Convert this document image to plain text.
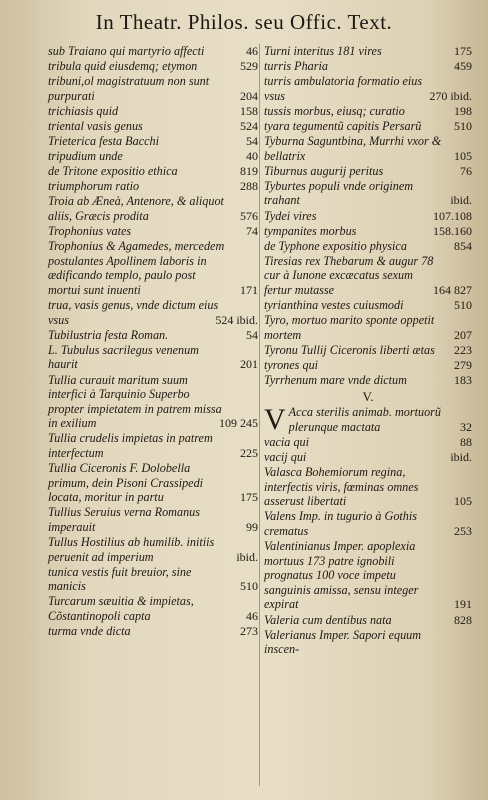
In Theatr. Philos. seu Offic. Text.
sub Traiano qui martyrio affecti	46
tribula quid eiusdemq; etymon	529
tribuni,ol magistratuum non sunt purpurati	204
trichiasis quid	158
triental vasis genus	524
Trieterica festa Bacchi	54
tripudium unde	40
de Tritone expositio ethica	819
triumphorum ratio	288
Troia ab Æneà, Antenore, & aliquot aliis, Græcis prodita	576
Trophonius vates	74
Trophonius & Agamedes, mercedem postulantes Apollinem laboris in ædificando templo, paulo post mortui sunt inuenti	171
trua, vasis genus, vnde dictum eius vsus	524 ibid.
Tubilustria festa Roman.	54
L. Tubulus sacrilegus venenum haurit	201
Tullia curauit maritum suum interfici à Tarquinio Superbo propter impietatem in patrem missa in exilium	109 245
Tullia crudelis impietas in patrem interfectum	225
Tullia Ciceronis F. Dolobella primum, dein Pisoni Crassipedi locata, moritur in partu	175
Tullius Seruius verna Romanus imperauit	99
Tullus Hostilius ab humilib. initiis peruenit ad imperium	ibid.
tunica vestis fuit breuior, sine manicis	510
Turcarum sæuitia & impietas, Cõstantinopoli capta	46
turma vnde dicta	273
Turni interitus 181 vires	175
turris Pharia	459
turris ambulatoria formatio eius vsus	270 ibid.
tussis morbus, eiusq; curatio	198
tyara tegumentũ capitis Persarũ	510
Tyburna Saguntbina, Murrhi vxor & bellatrix	105
Tiburnus augurij peritus	76
Tyburtes populi vnde originem trahant	ibid.
Tydei vires	107.108
tympanites morbus	158.160
de Typhone expositio physica	854
Tiresias rex Thebarum & augur 78 cur à Iunone excæcatus sexum fertur mutasse	164 827
tyrianthina vestes cuiusmodi	510
Tyro, mortuo marito sponte oppetit mortem	207
Tyronu Tullij Ciceronis liberti ætas 223
tyrones qui	279
Tyrrhenum mare vnde dictum	183
V.
V Acca sterilis animab. mortuorũ plerunque mactata	32
vacia qui	88
vacij qui	ibid.
Valasca Bohemiorum regina, interfectis viris, fœminas omnes asserust libertati	105
Valens Imp. in tugurio à Gothis crematus	253
Valentinianus Imper. apoplexia mortuus 173 patre ignobili prognatus 100 voce impetu sanguinis amissa, sensu integer expirat	191
Valeria cum dentibus nata	828
Valerianus Imper. Sapori equum inscen-
